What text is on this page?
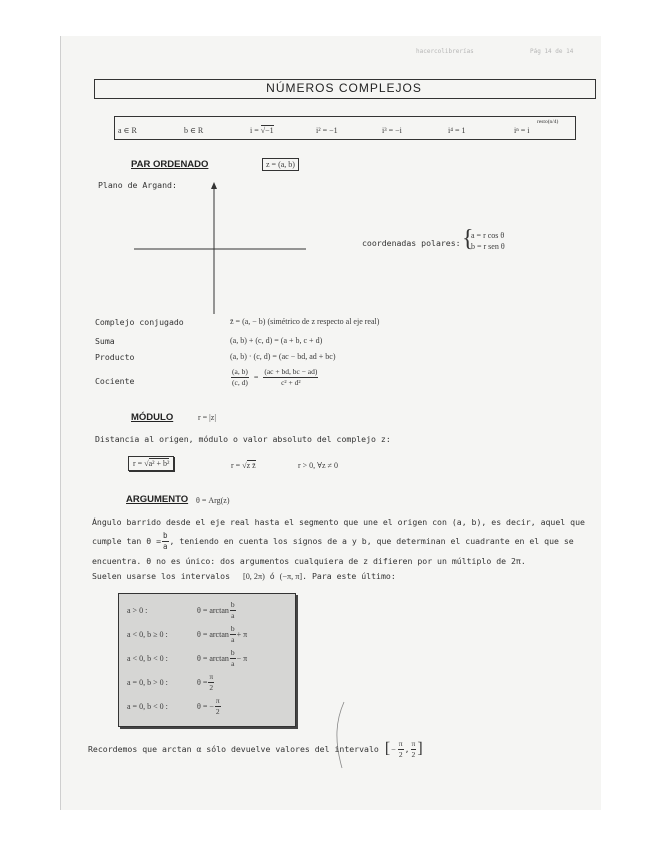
hacercolibrerías	Pág 14 de 14
NÚMEROS COMPLEJOS
a ∈ R	b ∈ R	i = √−1	i² = −1	i³ = −i	i⁴ = 1	iⁿ = i
resto(n/4)
PAR ORDENADO	z = (a, b)
Plano de Argand:
coordenadas polares: {
a = r cos θ
b = r sen θ
Complejo conjugado	z̄ = (a, − b) (simétrico de z respecto al eje real)
Suma	(a, b) + (c, d) = (a + b, c + d)
Producto	(a, b) · (c, d) = (ac − bd, ad + bc)
Cociente	$\frac{(a, b)}{(c, d)} = \frac{(ac + bd, bc - ad)}{\text{c² + d²}}$
MÓDULO	r = |z|
Distancia al origen, módulo o valor absoluto del complejo z:
r = √a² + b²	r = √z z̄	r > 0, ∀z ≠ 0
ARGUMENTO θ = Arg(z)
Ángulo barrido desde el eje real hasta el segmento que une el origen con (a, b), es decir, aquel que
cumple $\tan \theta = \frac{b}{a}$ , teniendo en cuenta los signos de a y b, que determinan el cuadrante en el que se
encuentra. θ no es único: dos argumentos cualquiera de z difieren por un múltiplo de 2π.
Suelen usarse los intervalos [0, 2π) ó (−π, π]. Para este último:
a > 0 :	$\theta = \arctan \frac{b}{a}$
a < 0, b ≥ 0 :	$\theta = \arctan \frac{b}{a} + \pi$
a < 0, b < 0 :	$\theta = \arctan \frac{b}{a} - \pi$
a = 0, b > 0 :	$\theta = \frac{\pi}{2}$
a = 0, b < 0 :	θ = − $\frac{\pi}{2}$
Recordemos que arctan α sólo devuelve valores del intervalo [ − $\frac{\pi}{2}$ , $\frac{\pi}{2}$ ]
